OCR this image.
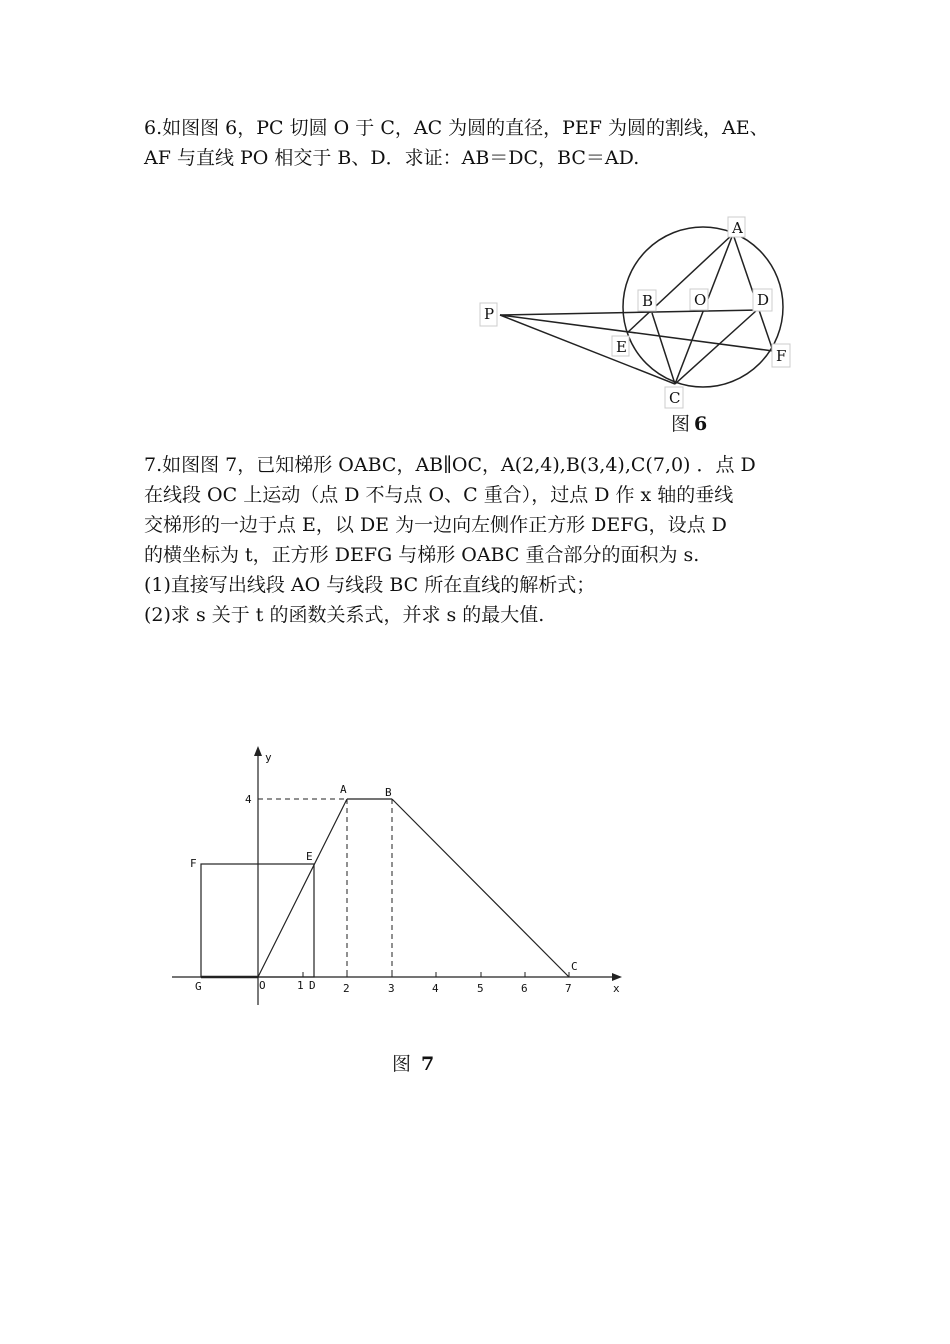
6.如图图 6，PC 切圆 O 于 C，AC 为圆的直径，PEF 为圆的割线，AE、
AF 与直线 PO 相交于 B、D．求证：AB＝DC，BC＝AD.
7.如图图 7，已知梯形 OABC，AB∥OC，A(2,4),B(3,4),C(7,0) ．点 D
在线段 OC 上运动（点 D 不与点 O、C 重合），过点 D 作 x 轴的垂线
交梯形的一边于点 E，以 DE 为一边向左侧作正方形 DEFG，设点 D
的横坐标为 t，正方形 DEFG 与梯形 OABC 重合部分的面积为 s.
(1)直接写出线段 AO 与线段 BC 所在直线的解析式；
(2)求 s 关于 t 的函数关系式，并求 s 的最大值.
A
B	O	D
P
E	F
C
图 6
y
x
4
1	2	3	4	5	6	7
O
A	B
C
D
E
F
G
图 7
